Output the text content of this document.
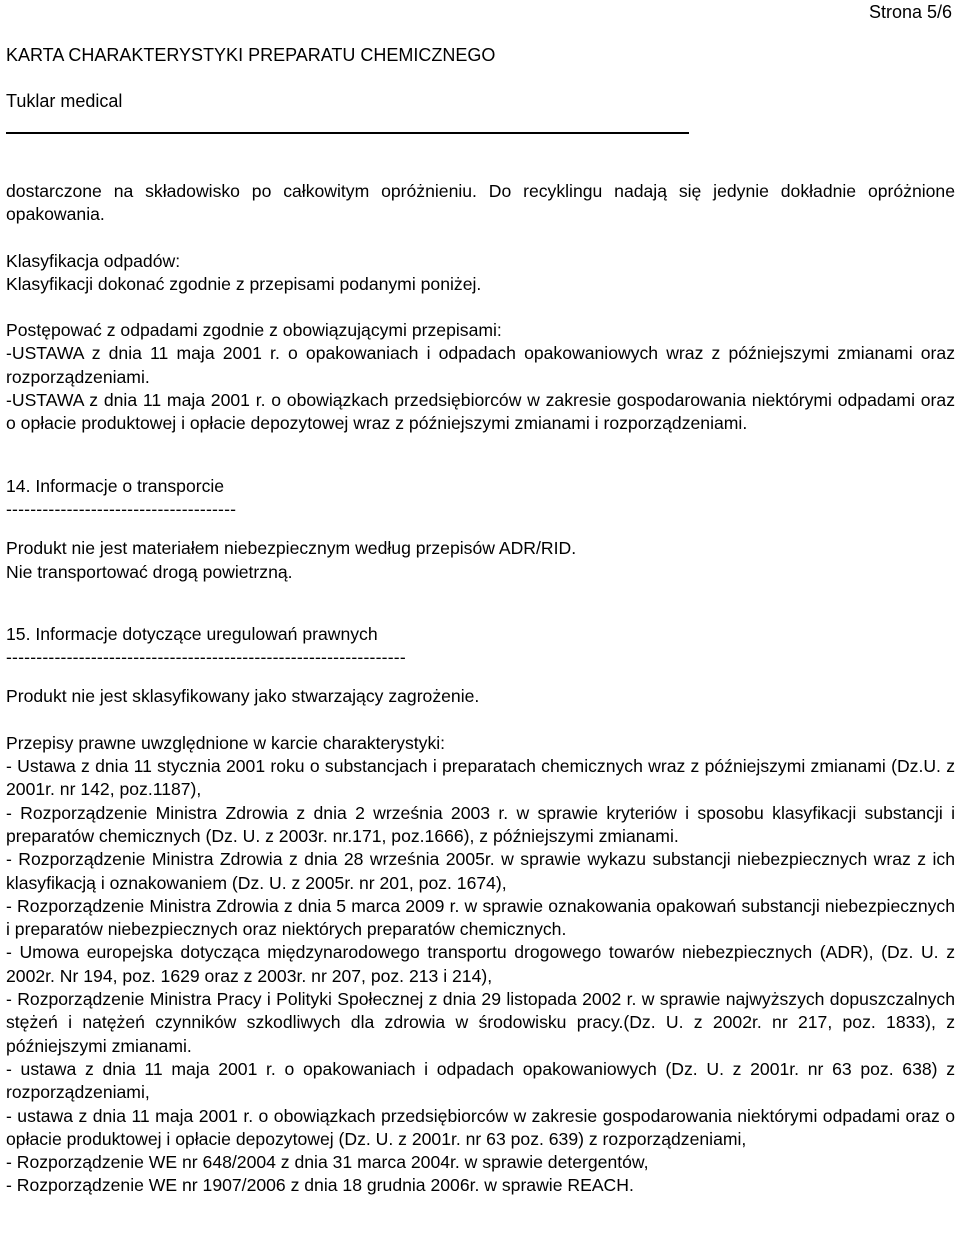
Strona 5/6
KARTA CHARAKTERYSTYKI PREPARATU CHEMICZNEGO
Tuklar medical

dostarczone na składowisko po całkowitym opróżnieniu. Do recyklingu nadają się jedynie dokładnie opróżnione opakowania.

Klasyfikacja odpadów:

Klasyfikacji dokonać zgodnie z przepisami podanymi poniżej.

Postępować z odpadami zgodnie z obowiązującymi przepisami:

-USTAWA z dnia 11 maja 2001 r. o opakowaniach i odpadach opakowaniowych wraz z późniejszymi zmianami oraz rozporządzeniami.

-USTAWA z dnia 11 maja 2001 r. o obowiązkach przedsiębiorców w zakresie gospodarowania niektórymi odpadami oraz o opłacie produktowej i opłacie depozytowej wraz z późniejszymi zmianami i rozporządzeniami.

14. Informacje o transporcie

--------------------------------------

Produkt nie jest materiałem niebezpiecznym według przepisów ADR/RID.

Nie transportować drogą powietrzną.

15. Informacje dotyczące uregulowań prawnych

------------------------------------------------------------------

Produkt nie jest sklasyfikowany jako stwarzający zagrożenie.

Przepisy prawne uwzględnione w karcie charakterystyki:

- Ustawa z dnia 11 stycznia 2001 roku o substancjach i preparatach chemicznych wraz z późniejszymi zmianami (Dz.U. z 2001r. nr 142, poz.1187),

- Rozporządzenie Ministra Zdrowia z dnia 2 września 2003 r. w sprawie kryteriów i sposobu klasyfikacji substancji i preparatów chemicznych (Dz. U. z 2003r. nr.171, poz.1666), z późniejszymi zmianami.

- Rozporządzenie Ministra Zdrowia z dnia 28 września 2005r. w sprawie wykazu substancji niebezpiecznych wraz z ich klasyfikacją i oznakowaniem (Dz. U. z 2005r. nr 201, poz. 1674),

- Rozporządzenie Ministra Zdrowia z dnia 5 marca 2009 r. w sprawie oznakowania opakowań substancji niebezpiecznych i preparatów niebezpiecznych oraz niektórych preparatów chemicznych.

- Umowa europejska dotycząca międzynarodowego transportu drogowego towarów niebezpiecznych (ADR), (Dz. U. z 2002r. Nr 194, poz. 1629 oraz z 2003r. nr 207, poz. 213 i 214),

- Rozporządzenie Ministra Pracy i Polityki Społecznej z dnia 29 listopada 2002 r. w sprawie najwyższych dopuszczalnych stężeń i natężeń czynników szkodliwych dla zdrowia w środowisku pracy.(Dz. U. z 2002r. nr 217, poz. 1833), z późniejszymi zmianami.

- ustawa z dnia 11 maja 2001 r. o opakowaniach i odpadach opakowaniowych (Dz. U. z 2001r. nr 63 poz. 638) z rozporządzeniami,

- ustawa z dnia 11 maja 2001 r. o obowiązkach przedsiębiorców w zakresie gospodarowania niektórymi odpadami oraz o opłacie produktowej i opłacie depozytowej (Dz. U. z 2001r. nr 63 poz. 639) z rozporządzeniami,

- Rozporządzenie WE nr 648/2004 z dnia 31 marca 2004r. w sprawie detergentów,

- Rozporządzenie WE nr 1907/2006 z dnia 18 grudnia 2006r. w sprawie REACH.
